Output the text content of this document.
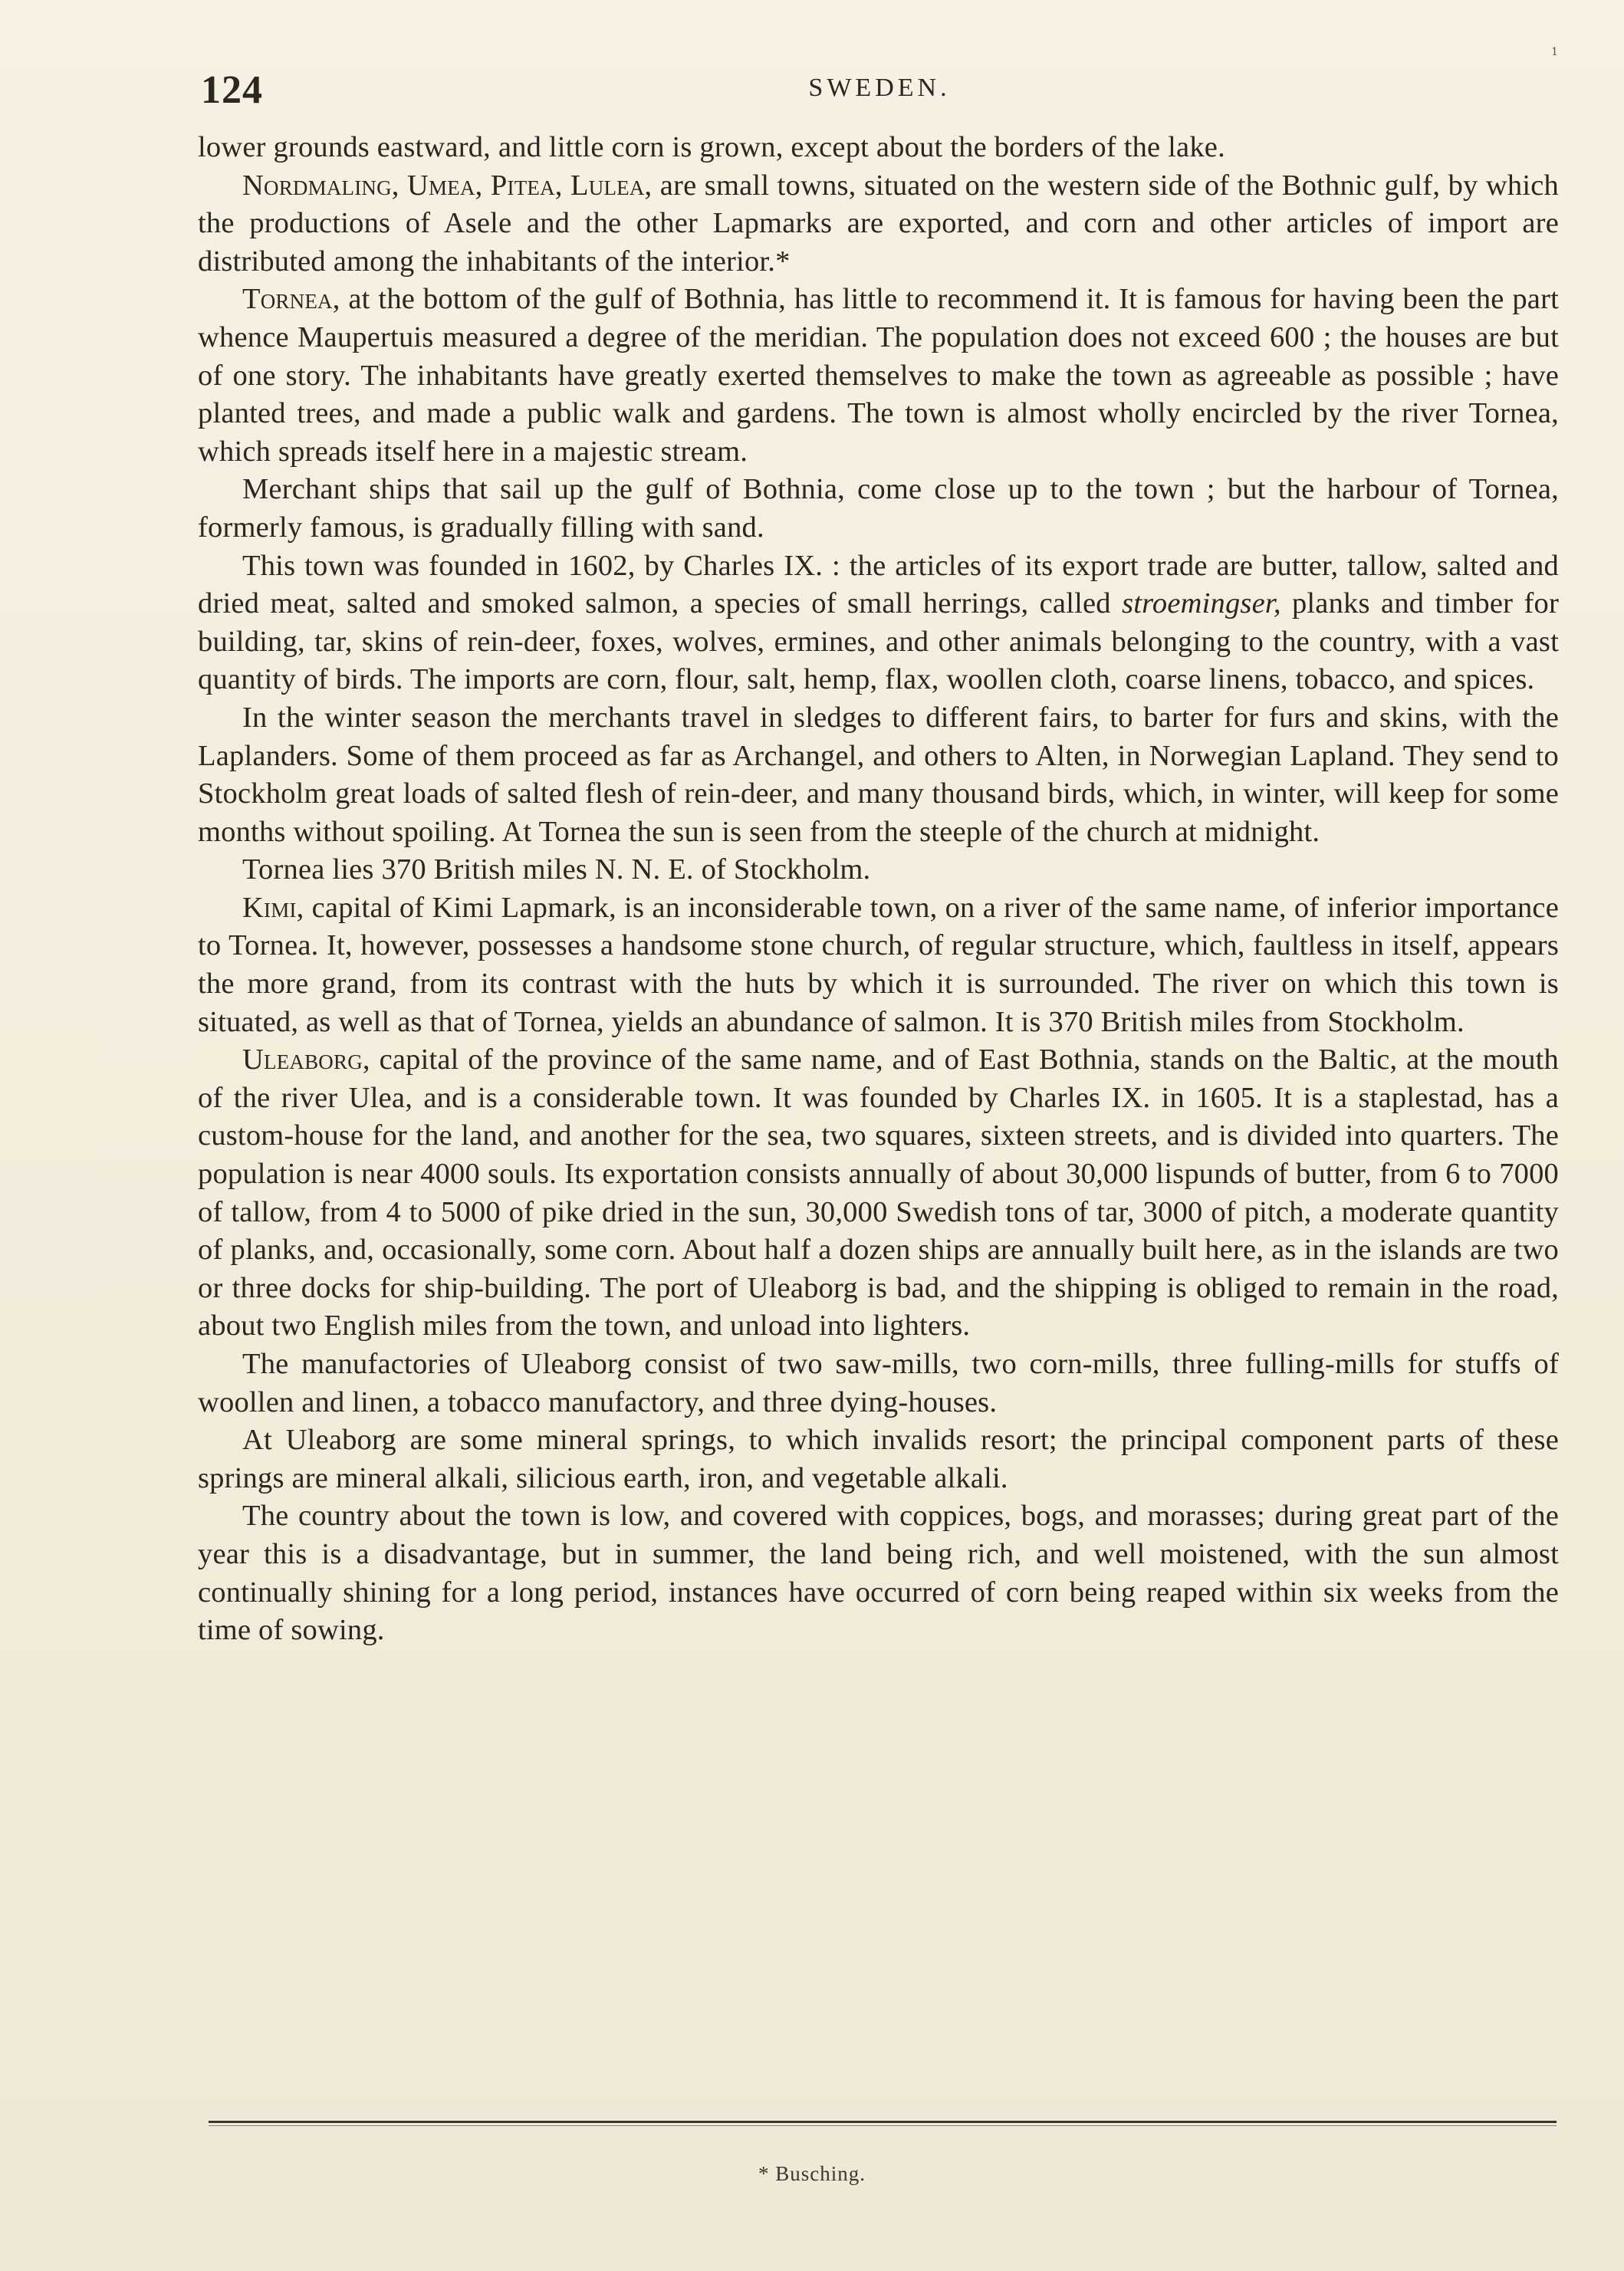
124	SWEDEN.
1

lower grounds eastward, and little corn is grown, except about the borders of the lake.

Nordmaling, Umea, Pitea, Lulea, are small towns, situated on the western side of the Bothnic gulf, by which the productions of Asele and the other Lapmarks are exported, and corn and other articles of import are distributed among the inhabitants of the interior.*

Tornea, at the bottom of the gulf of Bothnia, has little to recommend it. It is famous for having been the part whence Maupertuis measured a degree of the meridian. The population does not exceed 600 ; the houses are but of one story. The inhabitants have greatly exerted themselves to make the town as agreeable as possible ; have planted trees, and made a public walk and gardens. The town is almost wholly encircled by the river Tornea, which spreads itself here in a majestic stream.

Merchant ships that sail up the gulf of Bothnia, come close up to the town ; but the harbour of Tornea, formerly famous, is gradually filling with sand.

This town was founded in 1602, by Charles IX. : the articles of its export trade are butter, tallow, salted and dried meat, salted and smoked salmon, a species of small herrings, called stroemingser, planks and timber for building, tar, skins of rein-deer, foxes, wolves, ermines, and other animals belonging to the country, with a vast quantity of birds. The imports are corn, flour, salt, hemp, flax, woollen cloth, coarse linens, tobacco, and spices.

In the winter season the merchants travel in sledges to different fairs, to barter for furs and skins, with the Laplanders. Some of them proceed as far as Archangel, and others to Alten, in Norwegian Lapland. They send to Stockholm great loads of salted flesh of rein-deer, and many thousand birds, which, in winter, will keep for some months without spoiling. At Tornea the sun is seen from the steeple of the church at midnight.

Tornea lies 370 British miles N. N. E. of Stockholm.

Kimi, capital of Kimi Lapmark, is an inconsiderable town, on a river of the same name, of inferior importance to Tornea. It, however, possesses a handsome stone church, of regular structure, which, faultless in itself, appears the more grand, from its contrast with the huts by which it is surrounded. The river on which this town is situated, as well as that of Tornea, yields an abundance of salmon. It is 370 British miles from Stockholm.

Uleaborg, capital of the province of the same name, and of East Bothnia, stands on the Baltic, at the mouth of the river Ulea, and is a considerable town. It was founded by Charles IX. in 1605. It is a staplestad, has a custom-house for the land, and another for the sea, two squares, sixteen streets, and is divided into quarters. The population is near 4000 souls. Its exportation consists annually of about 30,000 lispunds of butter, from 6 to 7000 of tallow, from 4 to 5000 of pike dried in the sun, 30,000 Swedish tons of tar, 3000 of pitch, a moderate quantity of planks, and, occasionally, some corn. About half a dozen ships are annually built here, as in the islands are two or three docks for ship-building. The port of Uleaborg is bad, and the shipping is obliged to remain in the road, about two English miles from the town, and unload into lighters.

The manufactories of Uleaborg consist of two saw-mills, two corn-mills, three fulling-mills for stuffs of woollen and linen, a tobacco manufactory, and three dying-houses.

At Uleaborg are some mineral springs, to which invalids resort; the principal component parts of these springs are mineral alkali, silicious earth, iron, and vegetable alkali.

The country about the town is low, and covered with coppices, bogs, and morasses; during great part of the year this is a disadvantage, but in summer, the land being rich, and well moistened, with the sun almost continually shining for a long period, instances have occurred of corn being reaped within six weeks from the time of sowing.

* Busching.
